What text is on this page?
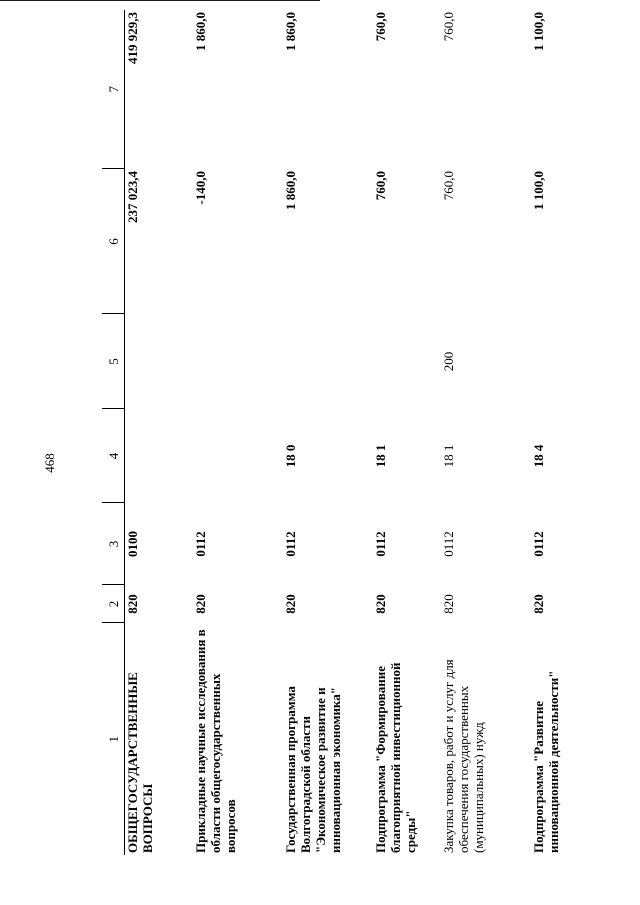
468
1	2	3	4	5	6	7
ОБЩЕГОСУДАРСТВЕННЫЕ ВОПРОСЫ	820	0100			237 023,4	419 929,3
Прикладные научные исследования в области общегосударственных вопросов	820	0112			-140,0	1 860,0
Государственная программа Волгоградской области "Экономическое развитие и инновационная экономика"	820	0112	18 0		1 860,0	1 860,0
Подпрограмма "Формирование благоприятной инвестиционной среды"	820	0112	18 1		760,0	760,0
Закупка товаров, работ и услуг для обеспечения государственных (муниципальных) нужд	820	0112	18 1	200	760,0	760,0
Подпрограмма "Развитие инновационной деятельности"	820	0112	18 4		1 100,0	1 100,0
